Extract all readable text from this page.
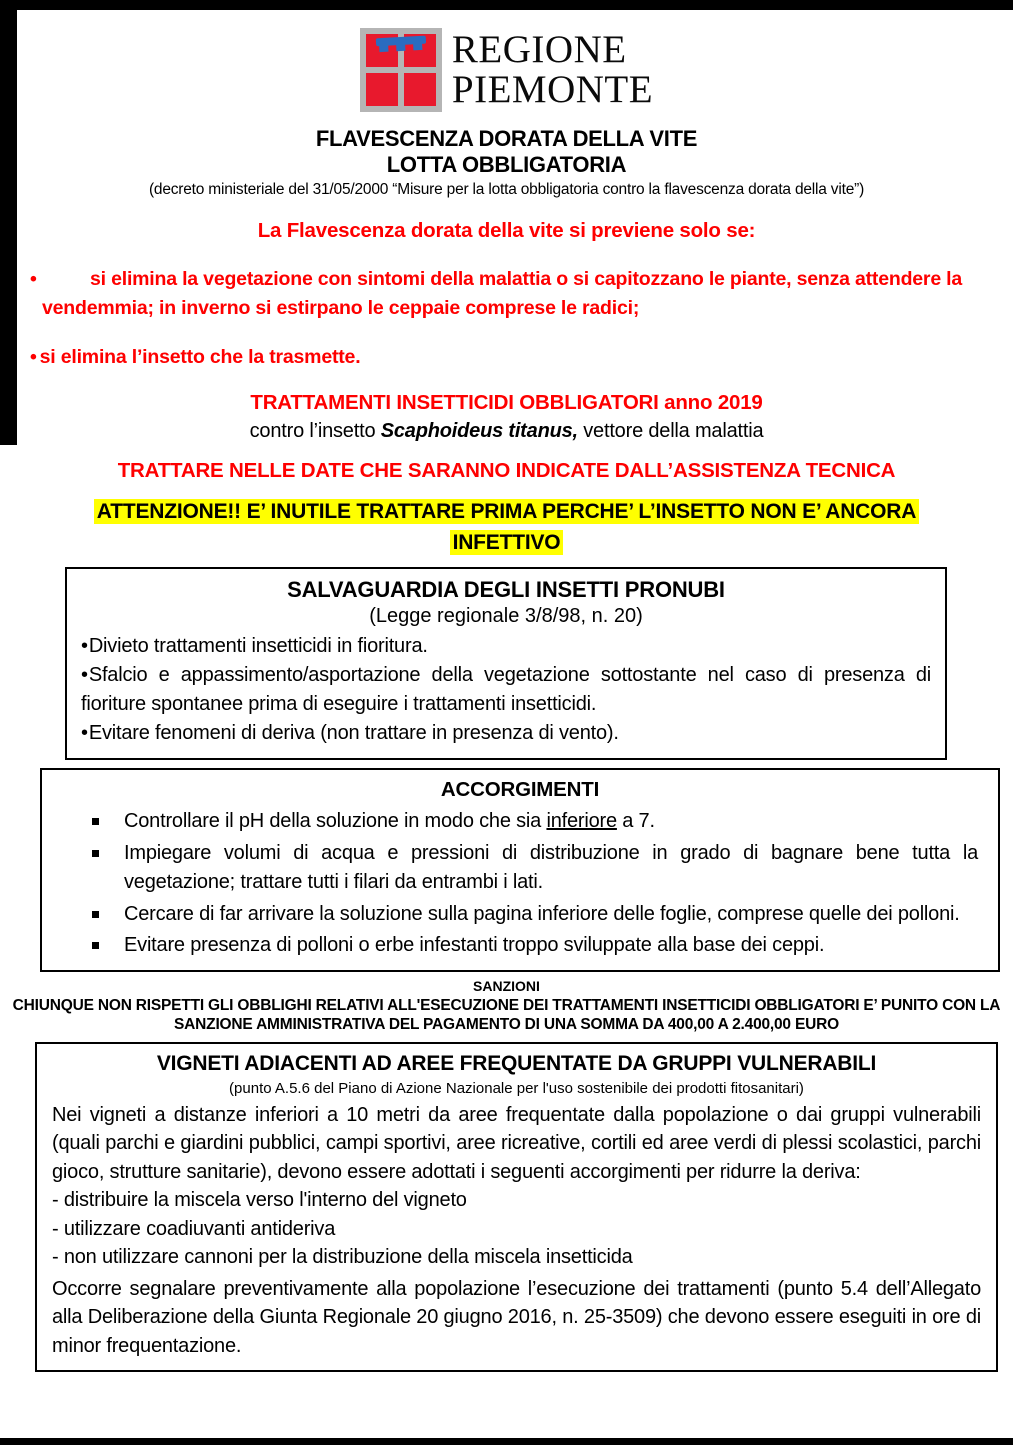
REGIONE
PIEMONTE
FLAVESCENZA DORATA DELLA VITE
LOTTA OBBLIGATORIA
(decreto ministeriale del 31/05/2000 “Misure per la lotta obbligatoria contro la flavescenza dorata della vite”)
La Flavescenza dorata della vite si previene solo se:

•	si elimina la vegetazione con sintomi della malattia o si capitozzano le piante, senza attendere la vendemmia; in inverno si estirpano le ceppaie comprese le radici;

• si elimina l’insetto che la trasmette.

TRATTAMENTI INSETTICIDI OBBLIGATORI anno 2019
contro l’insetto Scaphoideus titanus, vettore della malattia
TRATTARE NELLE DATE CHE SARANNO INDICATE DALL’ASSISTENZA TECNICA
ATTENZIONE!! E’ INUTILE TRATTARE PRIMA PERCHE’ L’INSETTO NON E’ ANCORA
INFETTIVO
SALVAGUARDIA DEGLI INSETTI PRONUBI
(Legge regionale 3/8/98, n. 20)
• Divieto trattamenti insetticidi in fioritura.
• Sfalcio e appassimento/asportazione della vegetazione sottostante nel caso di presenza di fioriture spontanee prima di eseguire i trattamenti insetticidi.
• Evitare fenomeni di deriva (non trattare in presenza di vento).
ACCORGIMENTI
Controllare il pH della soluzione in modo che sia inferiore a 7.
Impiegare volumi di acqua e pressioni di distribuzione in grado di bagnare bene tutta la vegetazione; trattare tutti i filari da entrambi i lati.
Cercare di far arrivare la soluzione sulla pagina inferiore delle foglie, comprese quelle dei polloni.
Evitare presenza di polloni o erbe infestanti troppo sviluppate alla base dei ceppi.
SANZIONI
CHIUNQUE NON RISPETTI GLI OBBLIGHI RELATIVI ALL'ESECUZIONE DEI TRATTAMENTI INSETTICIDI OBBLIGATORI E’ PUNITO CON LA SANZIONE AMMINISTRATIVA DEL PAGAMENTO DI UNA SOMMA DA 400,00 A 2.400,00 EURO
VIGNETI ADIACENTI AD AREE FREQUENTATE DA GRUPPI VULNERABILI
(punto A.5.6 del Piano di Azione Nazionale per l'uso sostenibile dei prodotti fitosanitari)

Nei vigneti a distanze inferiori a 10 metri da aree frequentate dalla popolazione o dai gruppi vulnerabili (quali parchi e giardini pubblici, campi sportivi, aree ricreative, cortili ed aree verdi di plessi scolastici, parchi gioco, strutture sanitarie), devono essere adottati i seguenti accorgimenti per ridurre la deriva:

- distribuire la miscela verso l'interno del vigneto
- utilizzare coadiuvanti antideriva
- non utilizzare cannoni per la distribuzione della miscela insetticida

Occorre segnalare preventivamente alla popolazione l’esecuzione dei trattamenti (punto 5.4 dell’Allegato alla Deliberazione della Giunta Regionale 20 giugno 2016, n. 25-3509) che devono essere eseguiti in ore di minor frequentazione.
